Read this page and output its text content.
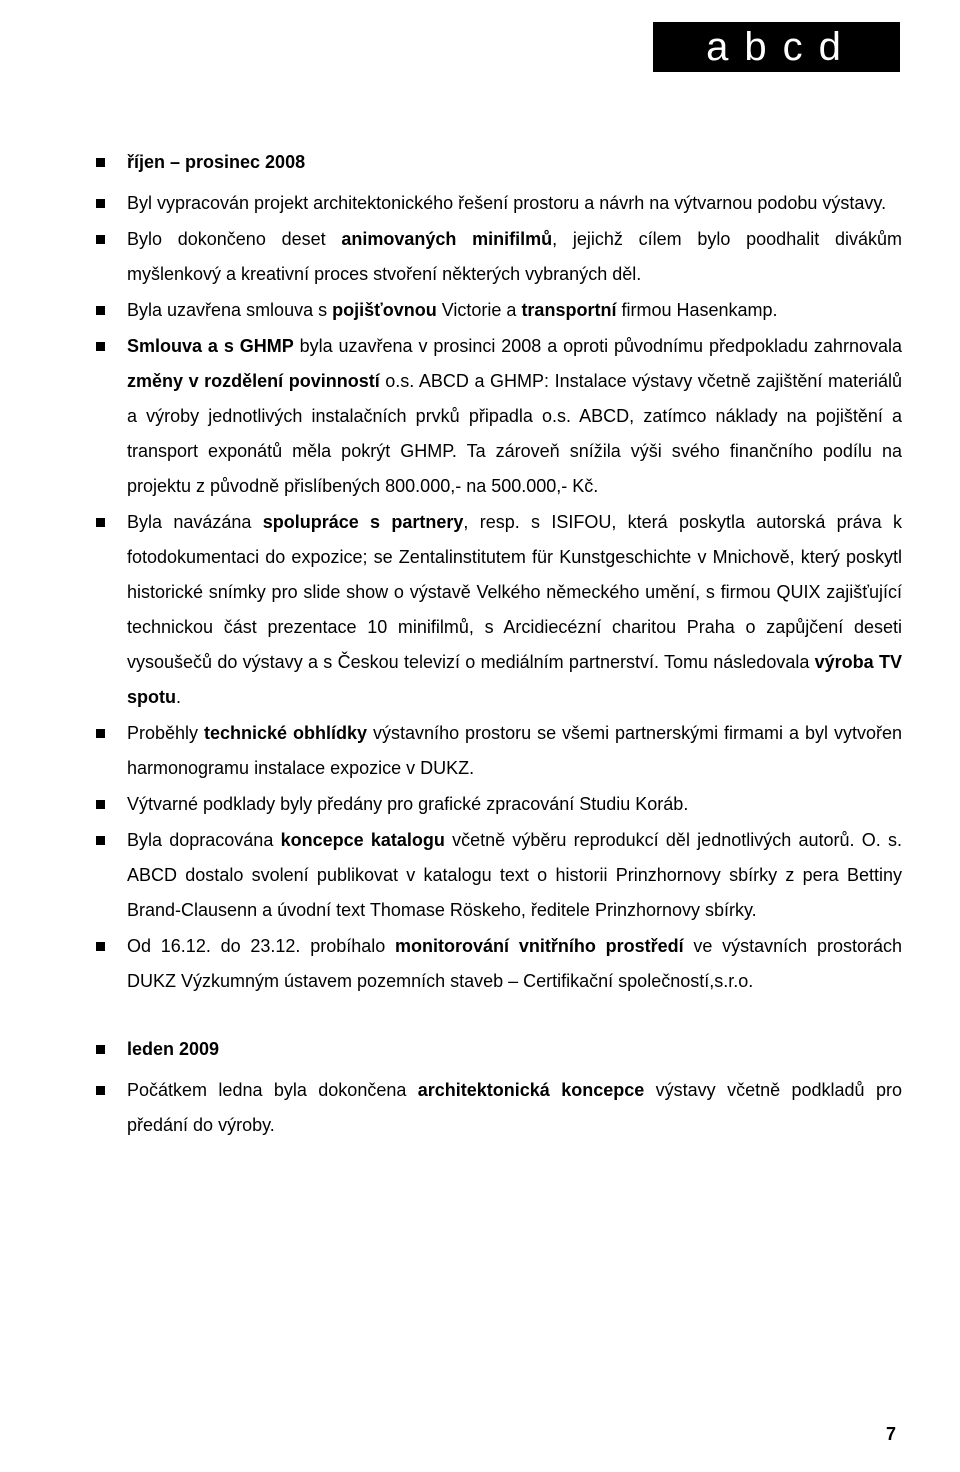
abcd
říjen – prosinec 2008
Byl vypracován projekt architektonického řešení prostoru a návrh na výtvarnou podobu výstavy.
Bylo dokončeno deset animovaných minifilmů, jejichž cílem bylo poodhalit divákům myšlenkový a kreativní proces stvoření některých vybraných děl.
Byla uzavřena smlouva s pojišťovnou Victorie a transportní firmou Hasenkamp.
Smlouva a s GHMP byla uzavřena v prosinci 2008 a oproti původnímu předpokladu zahrnovala změny v rozdělení povinností o.s. ABCD a GHMP: Instalace výstavy včetně zajištění materiálů a výroby jednotlivých instalačních prvků připadla o.s. ABCD, zatímco náklady na pojištění a transport exponátů měla pokrýt GHMP. Ta zároveň snížila výši svého finančního podílu na projektu z původně přislíbených 800.000,- na 500.000,- Kč.
Byla navázána spolupráce s partnery, resp. s ISIFOU, která poskytla autorská práva k fotodokumentaci do expozice; se Zentalinstitutem für Kunstgeschichte v Mnichově, který poskytl historické snímky pro slide show o výstavě Velkého německého umění, s firmou QUIX zajišťující technickou část prezentace 10 minifilmů, s Arcidiecézní charitou Praha o zapůjčení deseti vysoušečů do výstavy a s Českou televizí o mediálním partnerství. Tomu následovala výroba TV spotu.
Proběhly technické obhlídky výstavního prostoru se všemi partnerskými firmami a byl vytvořen harmonogramu instalace expozice v DUKZ.
Výtvarné podklady byly předány pro grafické zpracování Studiu Koráb.
Byla dopracována koncepce katalogu včetně výběru reprodukcí děl jednotlivých autorů. O. s. ABCD dostalo svolení publikovat v katalogu text o historii Prinzhornovy sbírky z pera Bettiny Brand-Clausenn a úvodní text Thomase Röskeho, ředitele Prinzhornovy sbírky.
Od 16.12. do 23.12. probíhalo monitorování vnitřního prostředí ve výstavních prostorách DUKZ Výzkumným ústavem pozemních staveb – Certifikační společností,s.r.o.
leden 2009
Počátkem ledna byla dokončena architektonická koncepce výstavy včetně podkladů pro předání do výroby.
7
